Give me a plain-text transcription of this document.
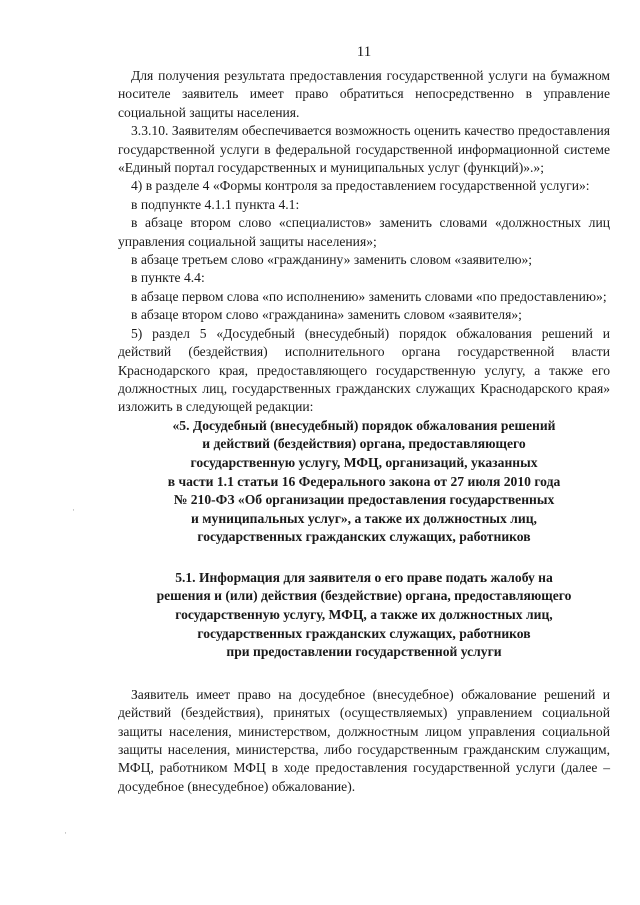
11

Для получения результата предоставления государственной услуги на бумажном носителе заявитель имеет право обратиться непосредственно в управление социальной защиты населения.

3.3.10. Заявителям обеспечивается возможность оценить качество предоставления государственной услуги в федеральной государственной информационной системе «Единый портал государственных и муниципальных услуг (функций)».»;

4) в разделе 4 «Формы контроля за предоставлением государственной услуги»:

в подпункте 4.1.1 пункта 4.1:

в абзаце втором слово «специалистов» заменить словами «должностных лиц управления социальной защиты населения»;

в абзаце третьем слово «гражданину» заменить словом «заявителю»;

в пункте 4.4:

в абзаце первом слова «по исполнению» заменить словами «по предоставлению»;

в абзаце втором слово «гражданина» заменить словом «заявителя»;

5) раздел 5 «Досудебный (внесудебный) порядок обжалования решений и действий (бездействия) исполнительного органа государственной власти Краснодарского края, предоставляющего государственную услугу, а также его должностных лиц, государственных гражданских служащих Краснодарского края» изложить в следующей редакции:

«5. Досудебный (внесудебный) порядок обжалования решений
и действий (бездействия) органа, предоставляющего
государственную услугу, МФЦ, организаций, указанных
в части 1.1 статьи 16 Федерального закона от 27 июля 2010 года
№ 210-ФЗ «Об организации предоставления государственных
и муниципальных услуг», а также их должностных лиц,
государственных гражданских служащих, работников
5.1. Информация для заявителя о его праве подать жалобу на
решения и (или) действия (бездействие) органа, предоставляющего
государственную услугу, МФЦ, а также их должностных лиц,
государственных гражданских служащих, работников
при предоставлении государственной услуги

Заявитель имеет право на досудебное (внесудебное) обжалование решений и действий (бездействия), принятых (осуществляемых) управлением социальной защиты населения, министерством, должностным лицом управления социальной защиты населения, министерства, либо государственным гражданским служащим, МФЦ, работником МФЦ в ходе предоставления государственной услуги (далее – досудебное (внесудебное) обжалование).

·
·
